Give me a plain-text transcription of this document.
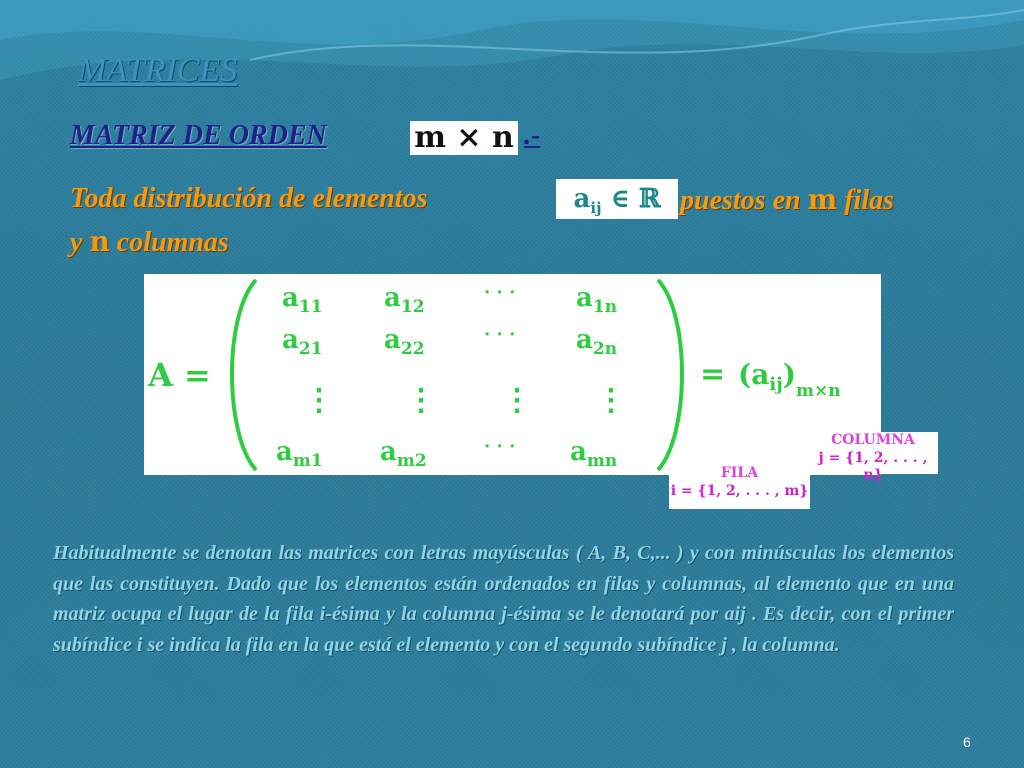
MATRICES
MATRIZ DE ORDEN	m × n .-
Toda distribución de elementos	$a_{ij}$ ∈ ℝ puestos en m filas
y n columnas
A =
$a_{11}$ $a_{12}$
· · · $a_{1n}$
$a_{21}$ $a_{22}$
· · · $a_{2n}$
⋮ ⋮ ⋮ ⋮
$a_{m1}$ $a_{m2}$
· · · $a_{mn}$
= $(a_{ij})_{m\times n}$
COLUMNA
j = {1, 2, . . . , n}
FILA
i = {1, 2, . . . , m}

Habitualmente se denotan las matrices con letras mayúsculas ( A, B, C,... ) y con minúsculas los elementos que las constituyen. Dado que los elementos están ordenados en filas y columnas, al elemento que en una matriz ocupa el lugar de la fila i-ésima y la columna j-ésima se le denotará por aij . Es decir, con el primer subíndice i se indica la fila en la que está el elemento y con el segundo subíndice j , la columna.

6
